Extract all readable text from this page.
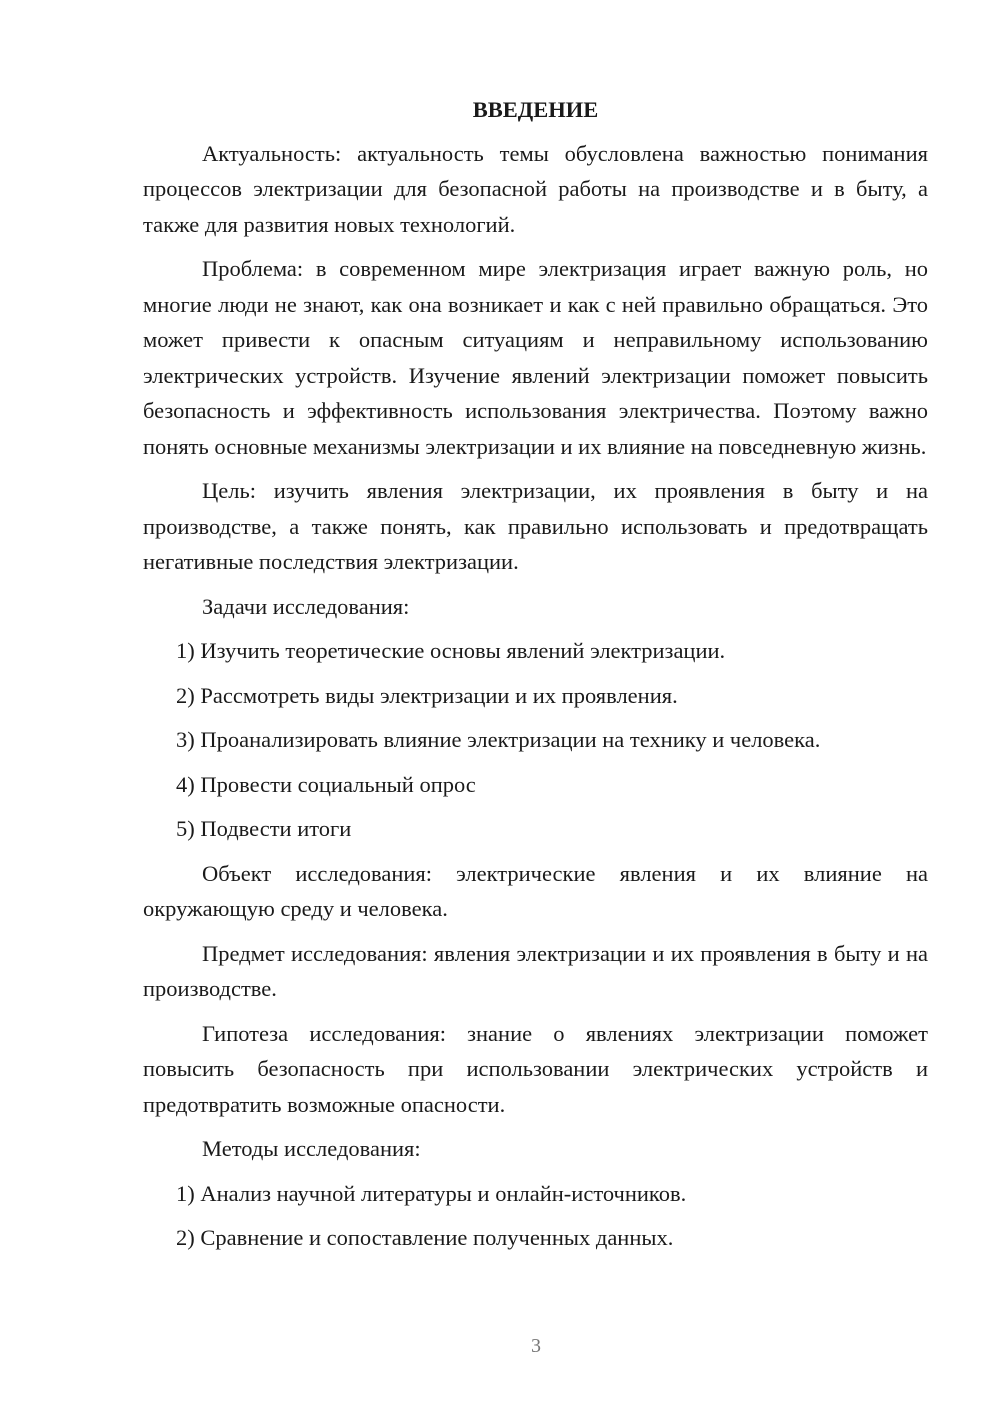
ВВЕДЕНИЕ

Актуальность: актуальность темы обусловлена важностью понимания процессов электризации для безопасной работы на производстве и в быту, а также для развития новых технологий.

Проблема: в современном мире электризация играет важную роль, но многие люди не знают, как она возникает и как с ней правильно обращаться. Это может привести к опасным ситуациям и неправильному использованию электрических устройств. Изучение явлений электризации поможет повысить безопасность и эффективность использования электричества. Поэтому важно понять основные механизмы электризации и их влияние на повседневную жизнь.

Цель: изучить явления электризации, их проявления в быту и на производстве, а также понять, как правильно использовать и предотвращать негативные последствия электризации.

Задачи исследования:

1) Изучить теоретические основы явлений электризации.

2) Рассмотреть виды электризации и их проявления.

3) Проанализировать влияние электризации на технику и человека.

4) Провести социальный опрос

5) Подвести итоги

Объект исследования: электрические явления и их влияние на окружающую среду и человека.

Предмет исследования: явления электризации и их проявления в быту и на производстве.

Гипотеза исследования: знание о явлениях электризации поможет повысить безопасность при использовании электрических устройств и предотвратить возможные опасности.

Методы исследования:

1) Анализ научной литературы и онлайн-источников.

2) Сравнение и сопоставление полученных данных.

3
